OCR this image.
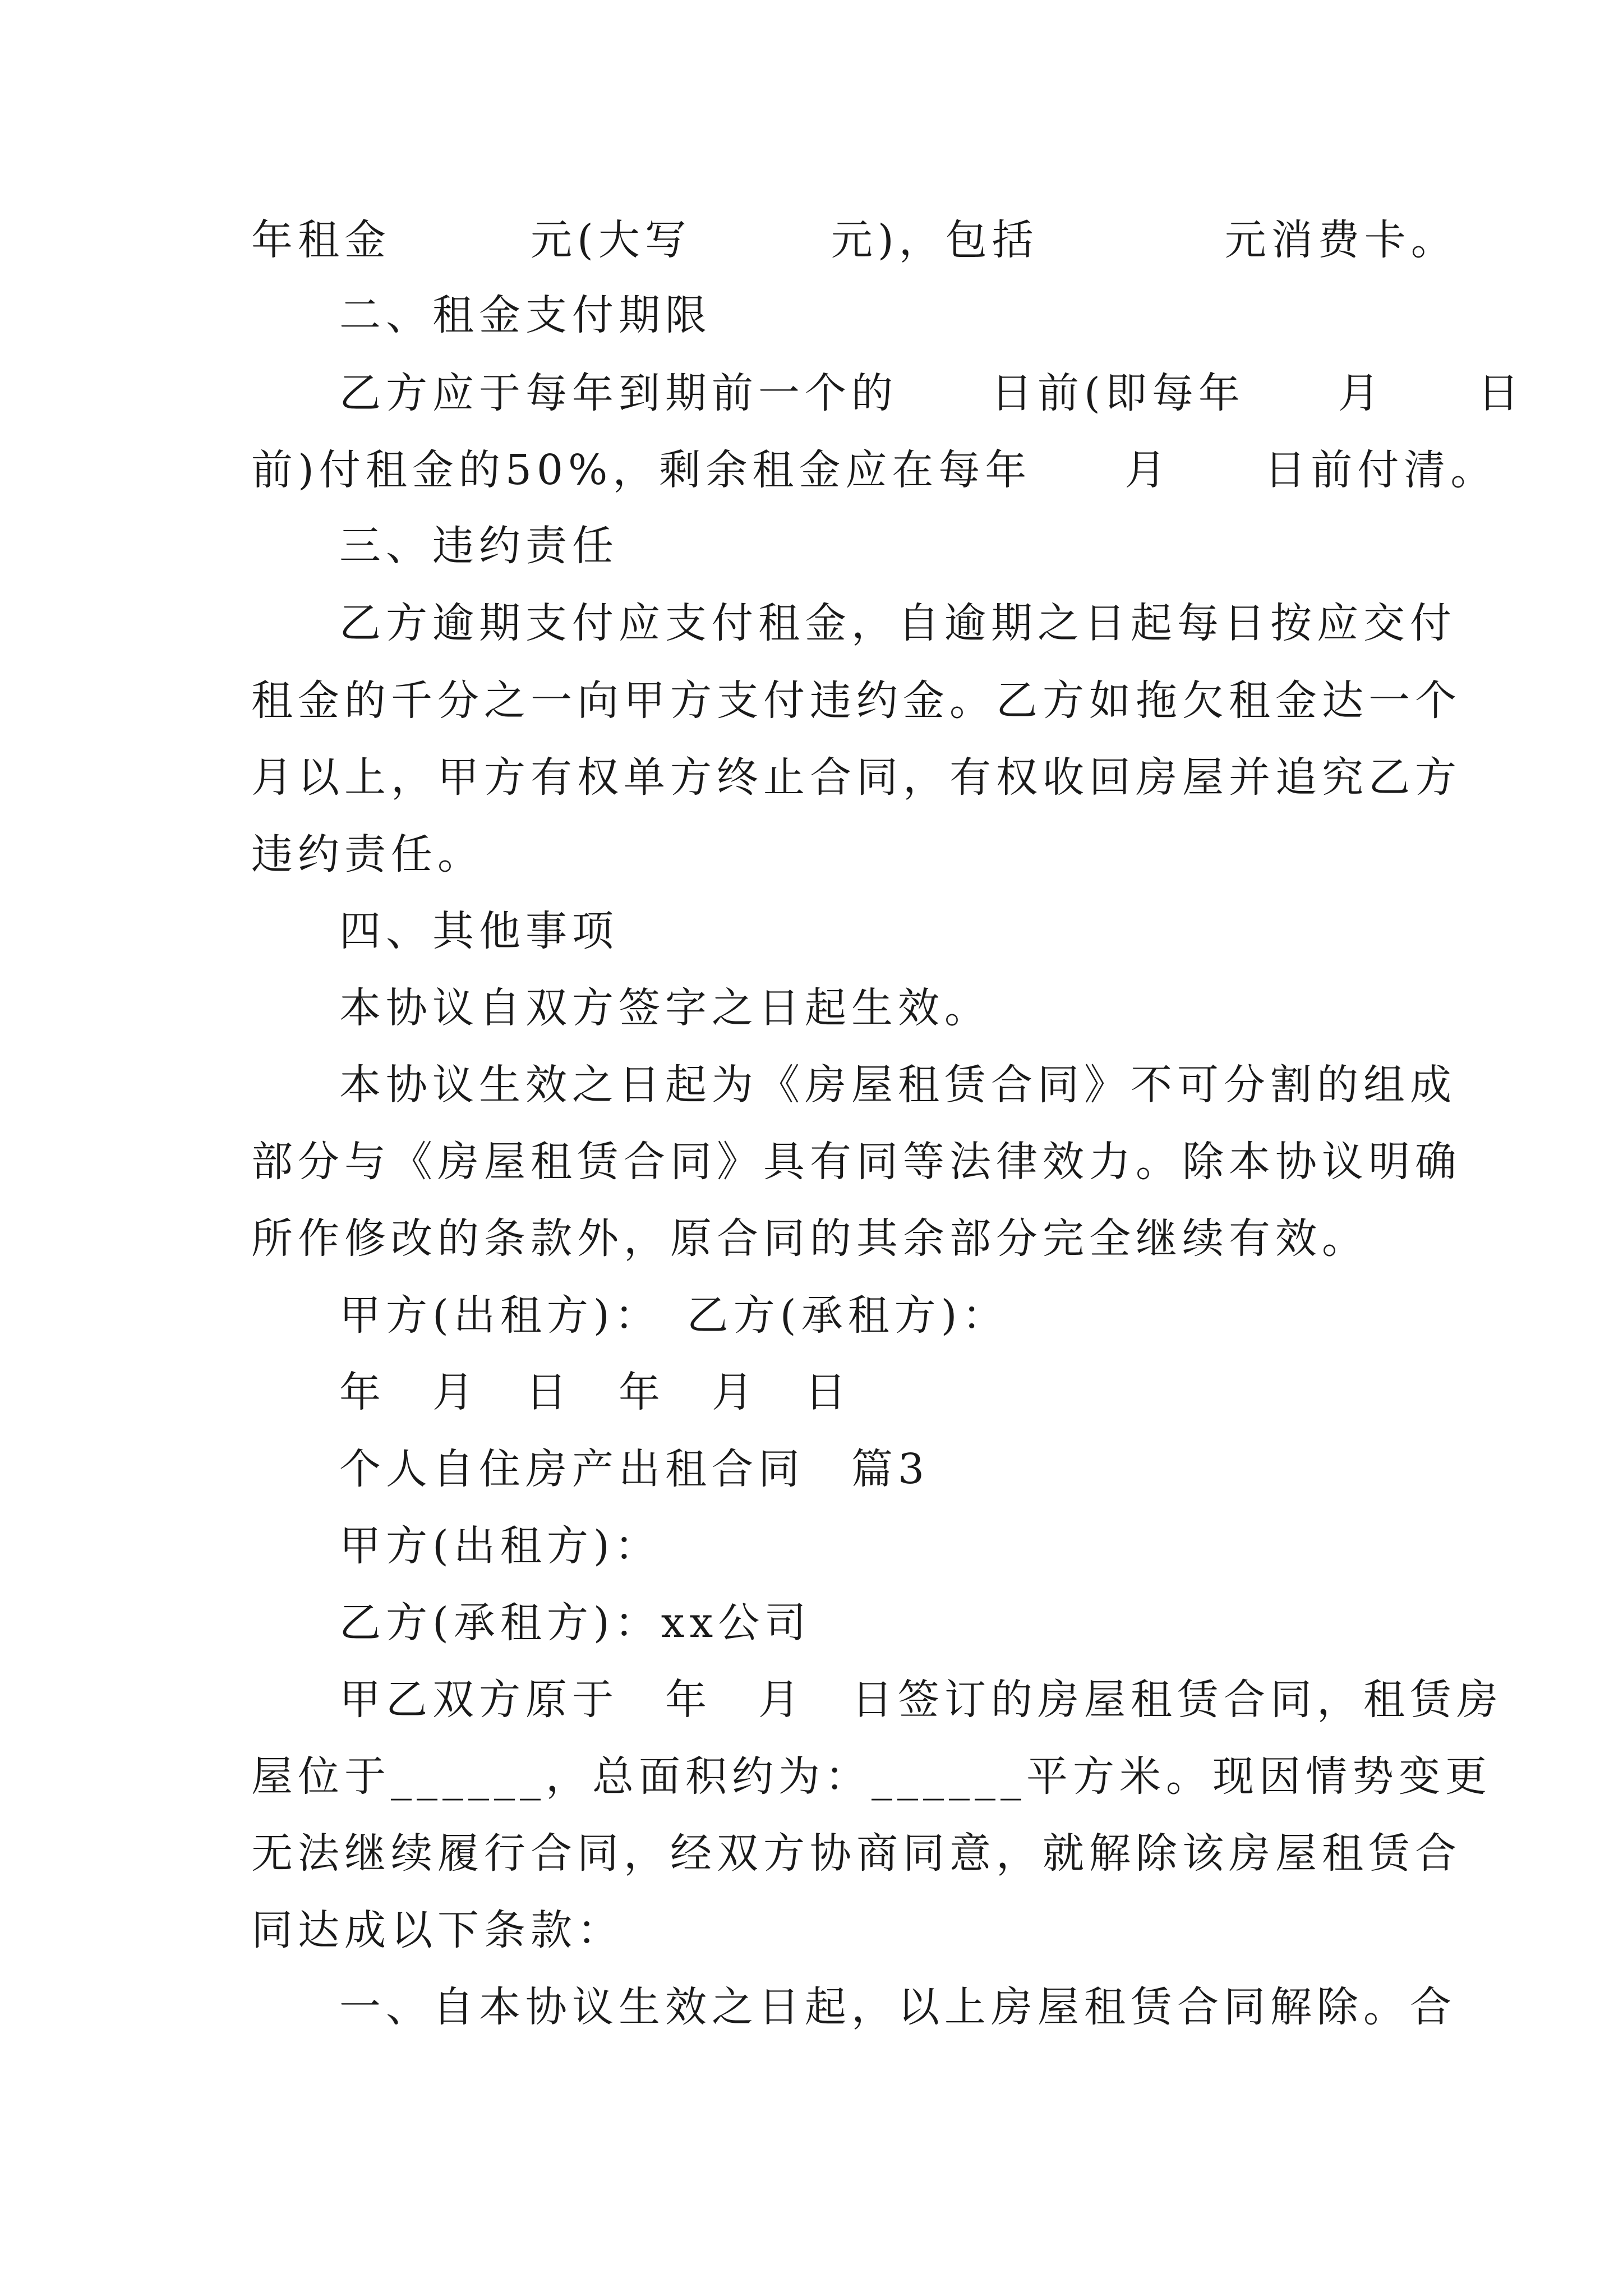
年租金　　　元(大写　　　元)，包括　　　　元消费卡。
二、租金支付期限
乙方应于每年到期前一个的　　日前(即每年　　月　　日
前)付租金的50%，剩余租金应在每年　　月　　日前付清。
三、违约责任
乙方逾期支付应支付租金，自逾期之日起每日按应交付
租金的千分之一向甲方支付违约金。乙方如拖欠租金达一个
月以上，甲方有权单方终止合同，有权收回房屋并追究乙方
违约责任。
四、其他事项
本协议自双方签字之日起生效。
本协议生效之日起为《房屋租赁合同》不可分割的组成
部分与《房屋租赁合同》具有同等法律效力。除本协议明确
所作修改的条款外，原合同的其余部分完全继续有效。
甲方(出租方)：　乙方(承租方)：
年　月　日　年　月　日
个人自住房产出租合同　篇3
甲方(出租方)：
乙方(承租方)：xx公司
甲乙双方原于　年　月　日签订的房屋租赁合同，租赁房
屋位于______，总面积约为：______平方米。现因情势变更
无法继续履行合同，经双方协商同意，就解除该房屋租赁合
同达成以下条款：
一、自本协议生效之日起，以上房屋租赁合同解除。合
